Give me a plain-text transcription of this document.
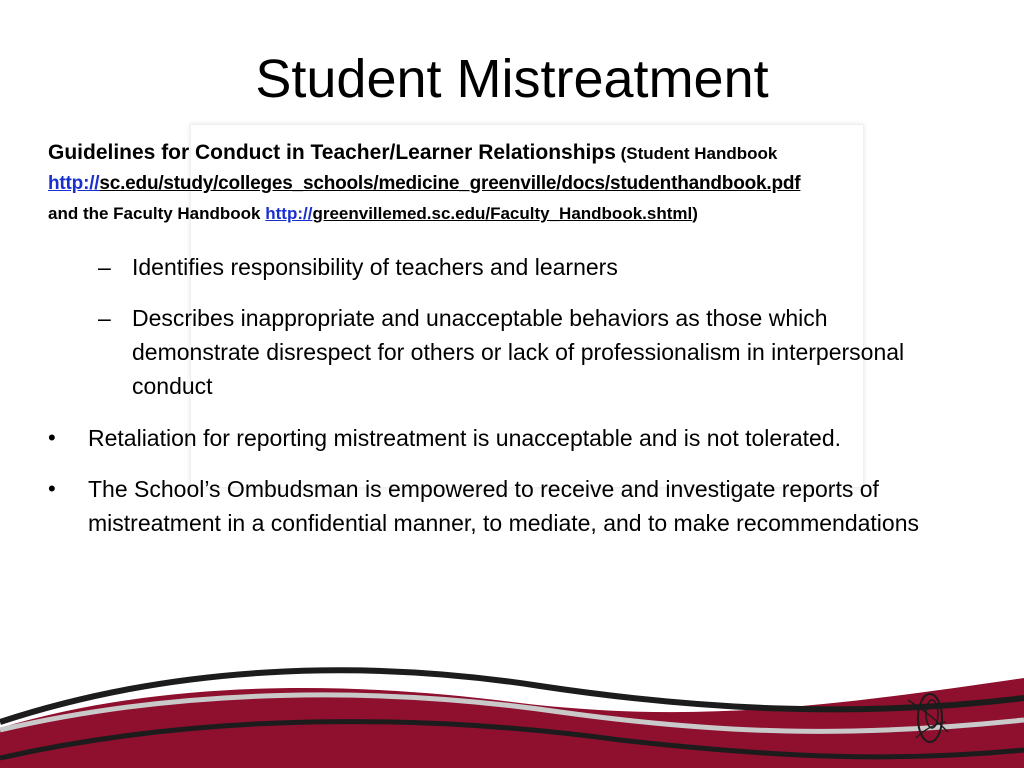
Student Mistreatment
Guidelines for Conduct in Teacher/Learner Relationships (Student Handbook
http://sc.edu/study/colleges_schools/medicine_greenville/docs/studenthandbook.pdf
and the Faculty Handbook http://greenvillemed.sc.edu/Faculty_Handbook.shtml)
– Identifies responsibility of teachers and learners
– Describes inappropriate and unacceptable behaviors as those which demonstrate disrespect for others or lack of professionalism in interpersonal conduct
• Retaliation for reporting mistreatment is unacceptable and is not tolerated.
• The School’s Ombudsman is empowered to receive and investigate reports of mistreatment in a confidential manner, to mediate, and to make recommendations
